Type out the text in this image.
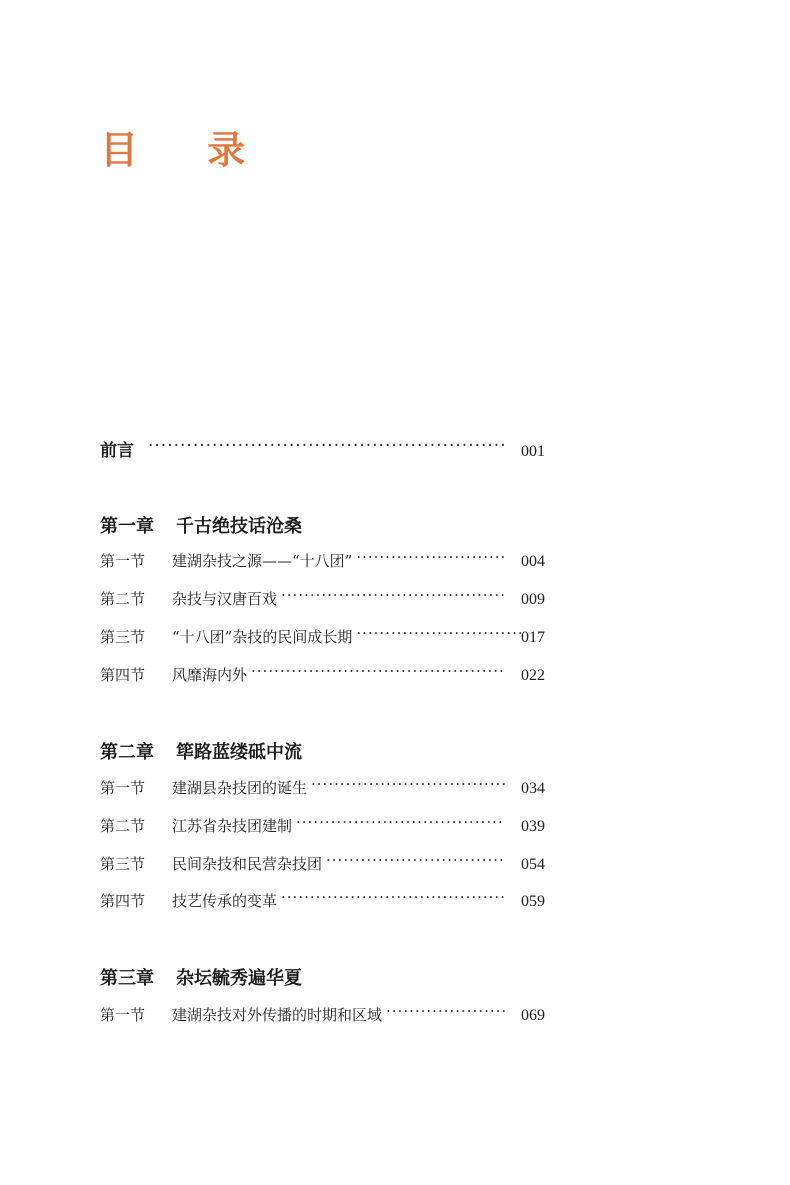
目 录
前言 ·····	001
第一章 千古绝技话沧桑
第一节	建湖杂技之源——“十八团” ·····	004
第二节	杂技与汉唐百戏 ·····	009
第三节	“十八团”杂技的民间成长期 ·····	017
第四节	风靡海内外 ·····	022
第二章 筚路蓝缕砥中流
第一节	建湖县杂技团的诞生 ·····	034
第二节	江苏省杂技团建制 ·····	039
第三节	民间杂技和民营杂技团 ·····	054
第四节	技艺传承的变革 ·····	059
第三章 杂坛毓秀遍华夏
第一节	建湖杂技对外传播的时期和区域 ·····	069
